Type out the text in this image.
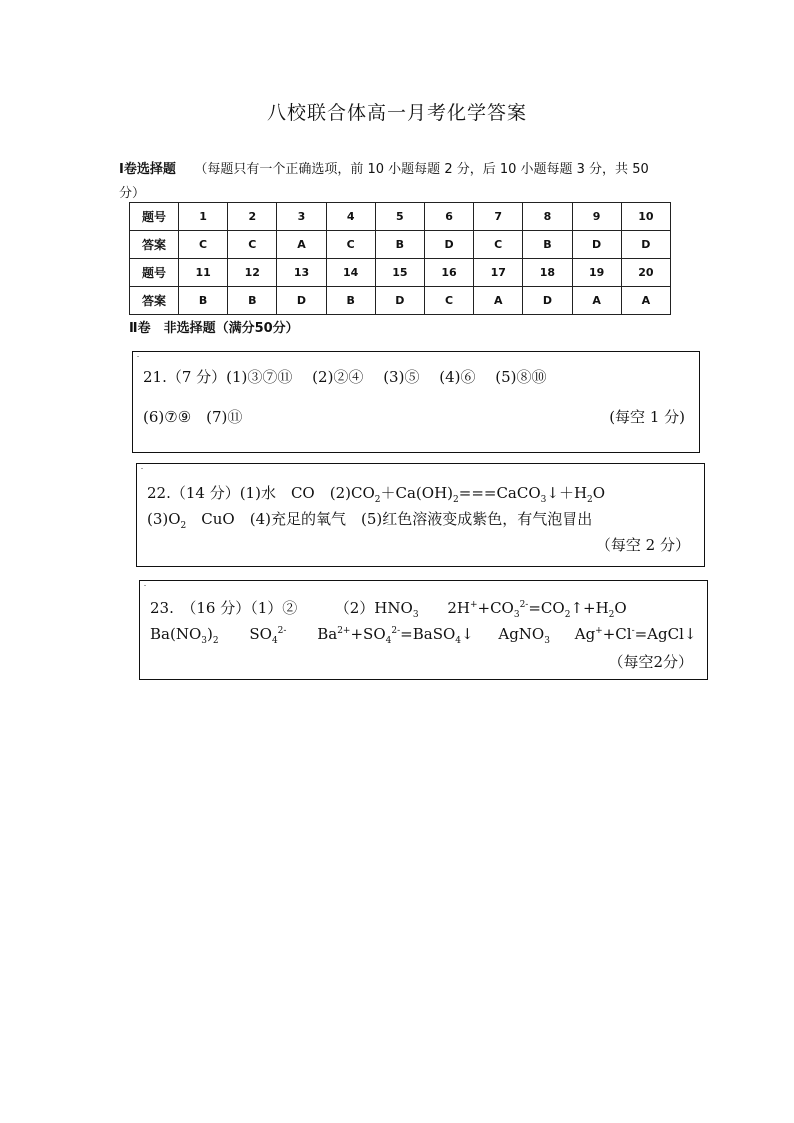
八校联合体高一月考化学答案
Ⅰ卷选择题 （每题只有一个正确选项，前 10 小题每题 2 分，后 10 小题每题 3 分，共 50
分）
题号	1	2	3	4	5	6	7	8	9	10
答案	C	C	A	C	B	D	C	B	D	D
题号	11	12	13	14	15	16	17	18	19	20
答案	B	B	D	B	D	C	A	D	A	A
Ⅱ卷　非选择题（满分50分）
-
21.（7 分）(1)③⑦⑪　 (2)②④　 (3)⑤　 (4)⑥　 (5)⑧⑩
(6)⑦⑨　(7)⑪	(每空 1 分)
-
22.（14 分）(1)水　CO　$(2)CO_2+Ca(OH)_2===CaCO_3↓+H_2O$
$(3)O_2$　 CuO　(4)充足的氧气　(5)红色溶液变成紫色，有气泡冒出
（每空 2 分）
-
23.　（16 分）（1）②　　　$(2)HNO_3$ $2H^++CO_3^{2-}=CO_2↑+H_2O$
$Ba(NO_3)_2$ $SO_4^{2-}$ $Ba^{2+}+SO_4^{2-}=BaSO_4↓$ AgNO$_3$ Ag++Cl-=AgCl↓
（每空2分）
